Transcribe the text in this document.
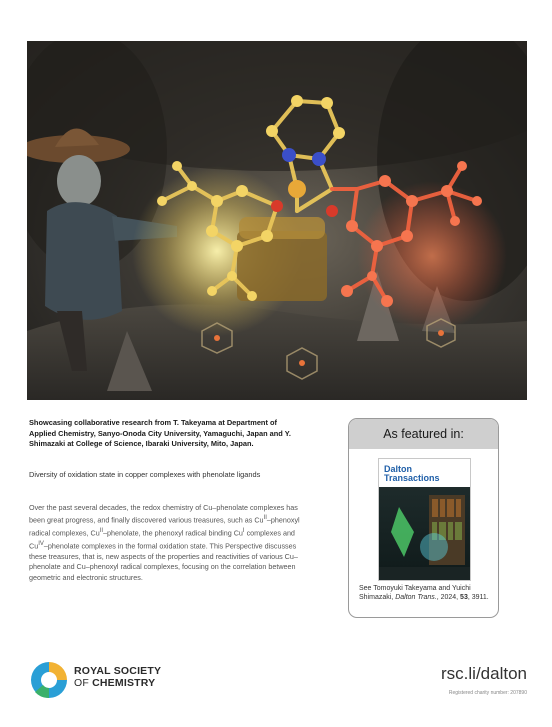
Showcasing collaborative research from T. Takeyama at Department of Applied Chemistry, Sanyo-Onoda City University, Yamaguchi, Japan and Y. Shimazaki at College of Science, Ibaraki University, Mito, Japan.

Diversity of oxidation state in copper complexes with phenolate ligands

Over the past several decades, the redox chemistry of Cu–phenolate complexes has been great progress, and finally discovered various treasures, such as $Cu^{II}$–phenoxyl radical complexes, $Cu^{II}$–phenolate, the phenoxyl radical binding $Cu^I$ complexes and $Cu^{IV}$–phenolate complexes in the formal oxidation state. This Perspective discusses these treasures, that is, new aspects of the properties and reactivities of various Cu–phenolate and Cu–phenoxyl radical complexes, focusing on the correlation between geometric and electronic structures.

As featured in:
Dalton
Transactions

See Tomoyuki Takeyama and Yuichi Shimazaki, Dalton Trans., 2024, 53, 3911.

ROYAL SOCIETY
OF CHEMISTRY	rsc.li/dalton
Registered charity number: 207890
